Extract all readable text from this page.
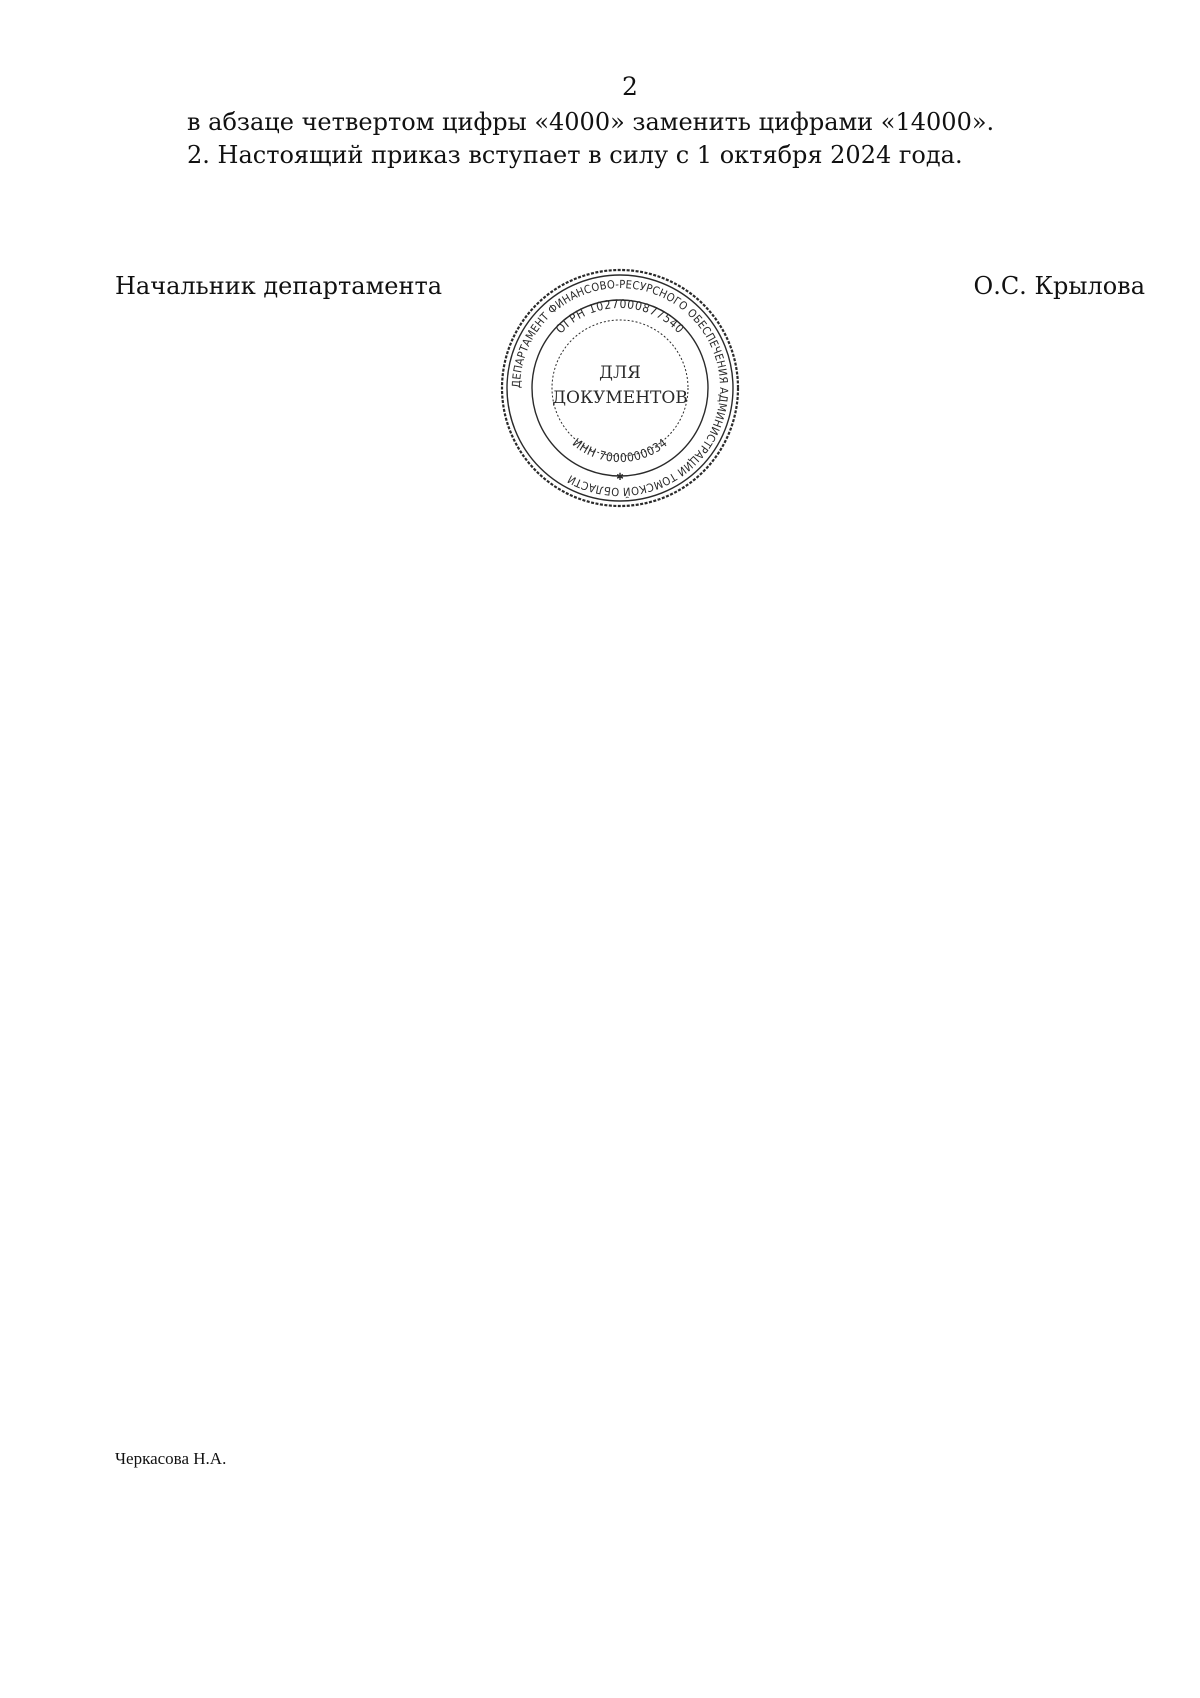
2
в абзаце четвертом цифры «4000» заменить цифрами «14000».
2. Настоящий приказ вступает в силу с 1 октября 2024 года.
Начальник департамента	О.С. Крылова
ДЕПАРТАМЕНТ ФИНАНСОВО-РЕСУРСНОГО ОБЕСПЕЧЕНИЯ АДМИНИСТРАЦИИ ТОМСКОЙ ОБЛАСТИ
ОГРН 1027000877540
ИНН 7000000034
ДЛЯ
ДОКУМЕНТОВ
✱
Черкасова Н.А.
